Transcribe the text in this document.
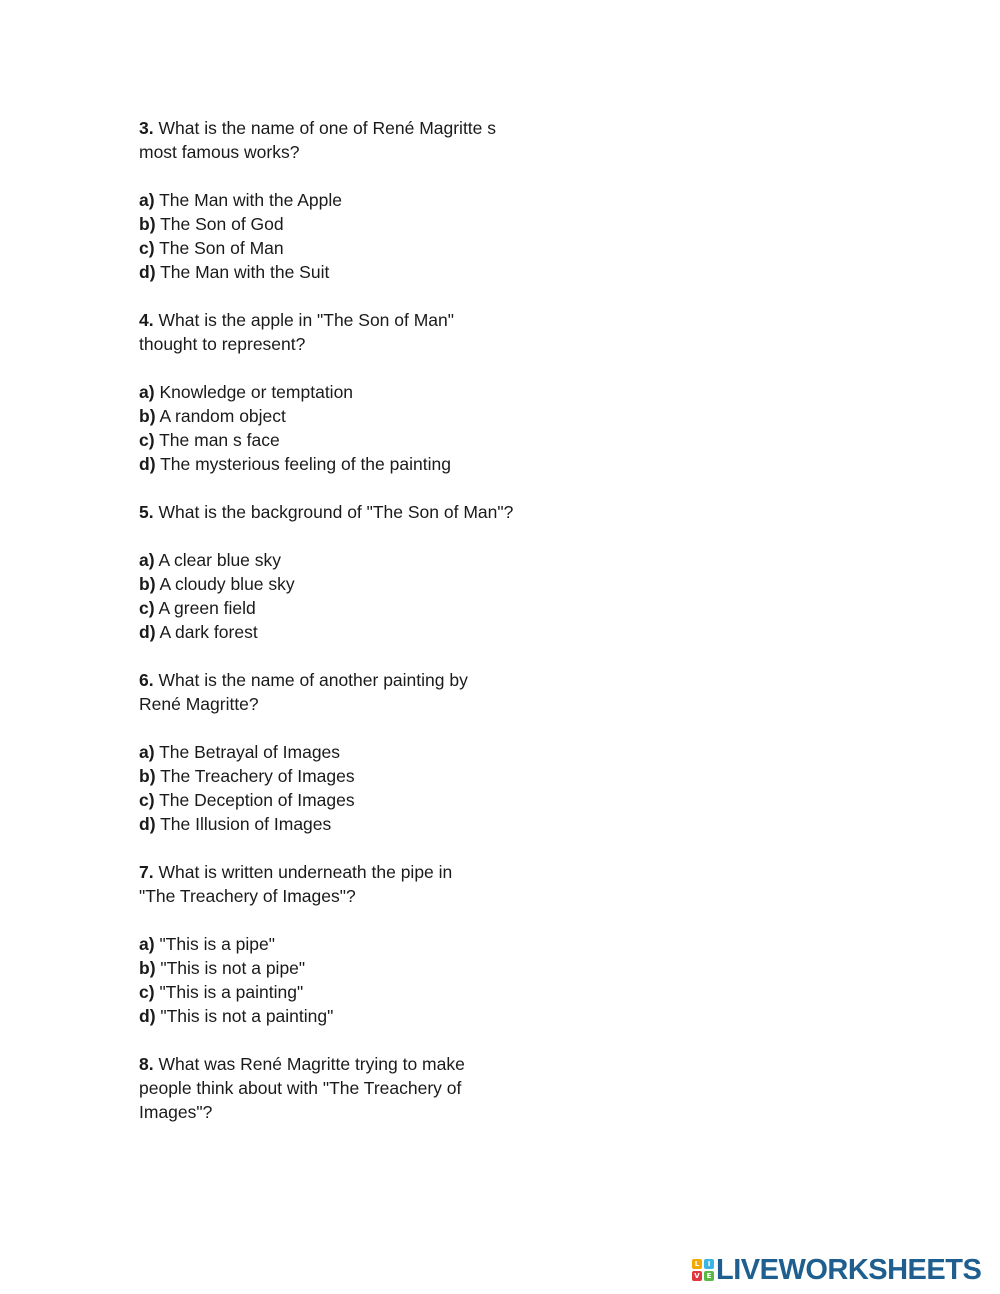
3. What is the name of one of René Magritte s
most famous works?
a) The Man with the Apple
b) The Son of God
c) The Son of Man
d) The Man with the Suit
4. What is the apple in "The Son of Man"
thought to represent?
a) Knowledge or temptation
b) A random object
c) The man s face
d) The mysterious feeling of the painting
5. What is the background of "The Son of Man"?
a) A clear blue sky
b) A cloudy blue sky
c) A green field
d) A dark forest
6. What is the name of another painting by
René Magritte?
a) The Betrayal of Images
b) The Treachery of Images
c) The Deception of Images
d) The Illusion of Images
7. What is written underneath the pipe in
"The Treachery of Images"?
a) "This is a pipe"
b) "This is not a pipe"
c) "This is a painting"
d) "This is not a painting"
8. What was René Magritte trying to make
people think about with "The Treachery of
Images"?
L	I
V E LIVEWORKSHEETS
